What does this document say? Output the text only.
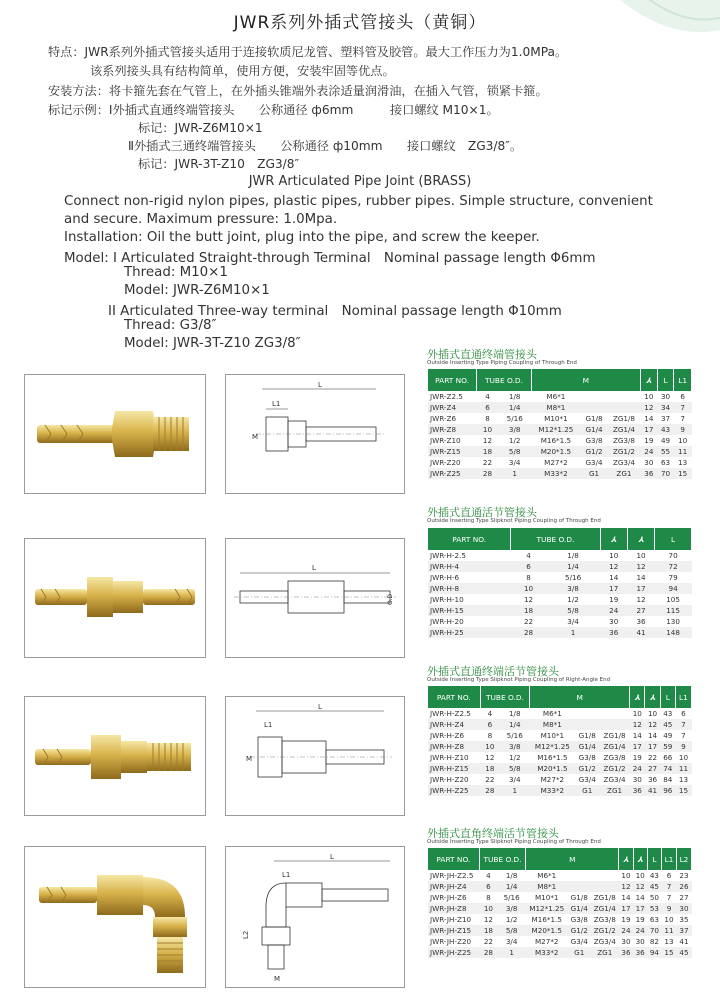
JWR系列外插式管接头（黄铜）
特点：JWR系列外插式管接头适用于连接软质尼龙管、塑料管及胶管。最大工作压力为1.0MPa。
该系列接头具有结构简单，使用方便，安装牢固等优点。
安装方法：将卡箍先套在气管上，在外插头锥端外表涂适量润滑油，在插入气管，锁紧卡箍。
标记示例：Ⅰ外插式直通终端管接头　　公称通径 ф6mm　　　接口螺纹 M10×1。
标记：JWR-Z6M10×1
Ⅱ外插式三通终端管接头　　公称通径 ф10mm　　接口螺纹　ZG3/8″。
标记：JWR-3T-Z10　ZG3/8″
JWR Articulated Pipe Joint (BRASS)
Connect non-rigid nylon pipes, plastic pipes, rubber pipes. Simple structure, convenient
and secure. Maximum pressure: 1.0Mpa.
Installation: Oil the butt joint, plug into the pipe, and screw the keeper.
Model: I Articulated Straight-through Terminal　Nominal passage length Φ6mm
Thread: M10×1
Model: JWR-Z6M10×1
II Articulated Three-way terminal　Nominal passage length Φ10mm
Thread: G3/8″
Model: JWR-3T-Z10 ZG3/8″
L
L1
M
外插式直通终端管接头
Outside Inserting Type Piping Coupling of Through End
PART NO.	TUBE O.D.		M			⅄	L	L1
JWR-Z2.5	4	1/8	M6*1			10	30	6
JWR-Z4	6	1/4	M8*1			12	34	7
JWR-Z6	8	5/16	M10*1	G1/8	ZG1/8	14	37	7
JWR-Z8	10	3/8	M12*1.25	G1/4	ZG1/4	17	43	9
JWR-Z10	12	1/2	M16*1.5	G3/8	ZG3/8	19	49	10
JWR-Z15	18	5/8	M20*1.5	G1/2	ZG1/2	24	55	11
JWR-Z20	22	3/4	M27*2	G3/4	ZG3/4	30	63	13
JWR-Z25	28	1	M33*2	G1	ZG1	36	70	15
L
O.D
外插式直通活节管接头
Outside Inserting Type Slipknot Piping Coupling of Through End
PART NO.	TUBE O.D.		⅄	⅄	L
JWR-H-2.5	4	1/8	10	10	70
JWR-H-4	6	1/4	12	12	72
JWR-H-6	8	5/16	14	14	79
JWR-H-8	10	3/8	17	17	94
JWR-H-10	12	1/2	19	12	105
JWR-H-15	18	5/8	24	27	115
JWR-H-20	22	3/4	30	36	130
JWR-H-25	28	1	36	41	148
L
L1
M
外插式直通终端活节管接头
Outside Inserting Type Slipknot Piping Coupling of Right-Angle End
PART NO.	TUBE O.D.		M			⅄	⅄	L	L1
JWR-H-Z2.5	4	1/8	M6*1			10	10	43	6
JWR-H-Z4	6	1/4	M8*1			12	12	45	7
JWR-H-Z6	8	5/16	M10*1	G1/8	ZG1/8	14	14	49	7
JWR-H-Z8	10	3/8	M12*1.25	G1/4	ZG1/4	17	17	59	9
JWR-H-Z10	12	1/2	M16*1.5	G3/8	ZG3/8	19	22	66	10
JWR-H-Z15	18	5/8	M20*1.5	G1/2	ZG1/2	24	27	74	11
JWR-H-Z20	22	3/4	M27*2	G3/4	ZG3/4	30	36	84	13
JWR-H-Z25	28	1	M33*2	G1	ZG1	36	41	96	15
L
L1
L2
M
外插式直角终端活节管接头
Outside Inserting Type Slipknot Piping Coupling of Through End
PART NO.	TUBE O.D.		M			⅄	⅄	L	L1	L2
JWR-JH-Z2.5	4	1/8	M6*1			10	10	43	6	23
JWR-JH-Z4	6	1/4	M8*1			12	12	45	7	26
JWR-JH-Z6	8	5/16	M10*1	G1/8	ZG1/8	14	14	50	7	27
JWR-JH-Z8	10	3/8	M12*1.25	G1/4	ZG1/4	17	17	53	9	30
JWR-JH-Z10	12	1/2	M16*1.5	G3/8	ZG3/8	19	19	63	10	35
JWR-JH-Z15	18	5/8	M20*1.5	G1/2	ZG1/2	24	24	70	11	37
JWR-JH-Z20	22	3/4	M27*2	G3/4	ZG3/4	30	30	82	13	41
JWR-JH-Z25	28	1	M33*2	G1	ZG1	36	36	94	15	45
